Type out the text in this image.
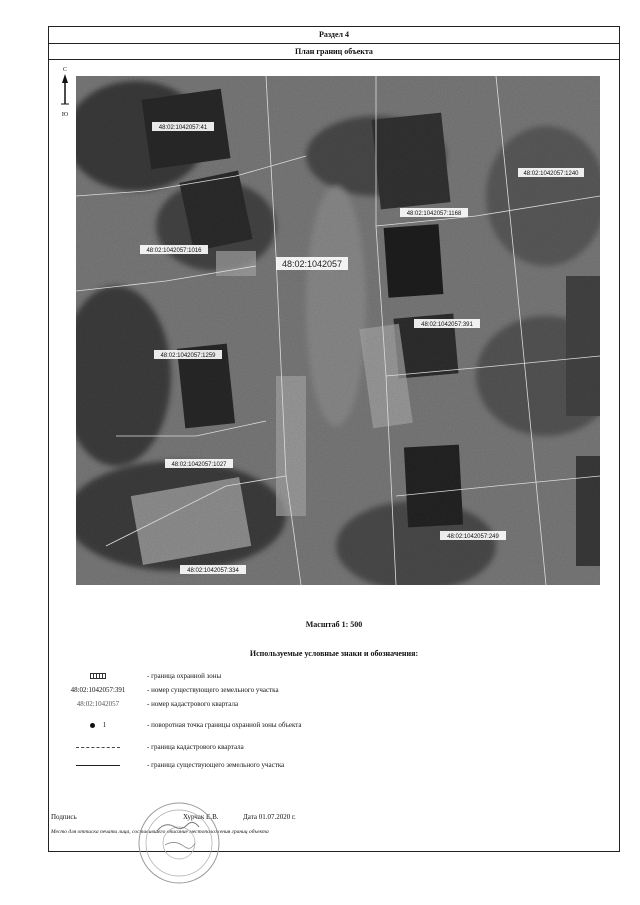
Раздел 4
План границ объекта
С
Ю
48:02:1042057
48:02:1042057:41
48:02:1042057:1240
48:02:1042057:1168
48:02:1042057:1016
48:02:1042057:391
48:02:1042057:1259
48:02:1042057:1027
48:02:1042057:249
48:02:1042057:334
Масштаб 1: 500
Используемые условные знаки и обозначения:
- граница охранной зоны
48:02:1042057:391	- номер существующего земельного участка
48:02:1042057	- номер кадастрового квартала
1	- поворотная точка границы охранной зоны объекта
- граница кадастрового квартала
- граница существующего земельного участка
Подпись	Хурчак Е.В.	Дата 01.07.2020 г.
Место для оттиска печати лица, составившего описание местоположения границ объекта
